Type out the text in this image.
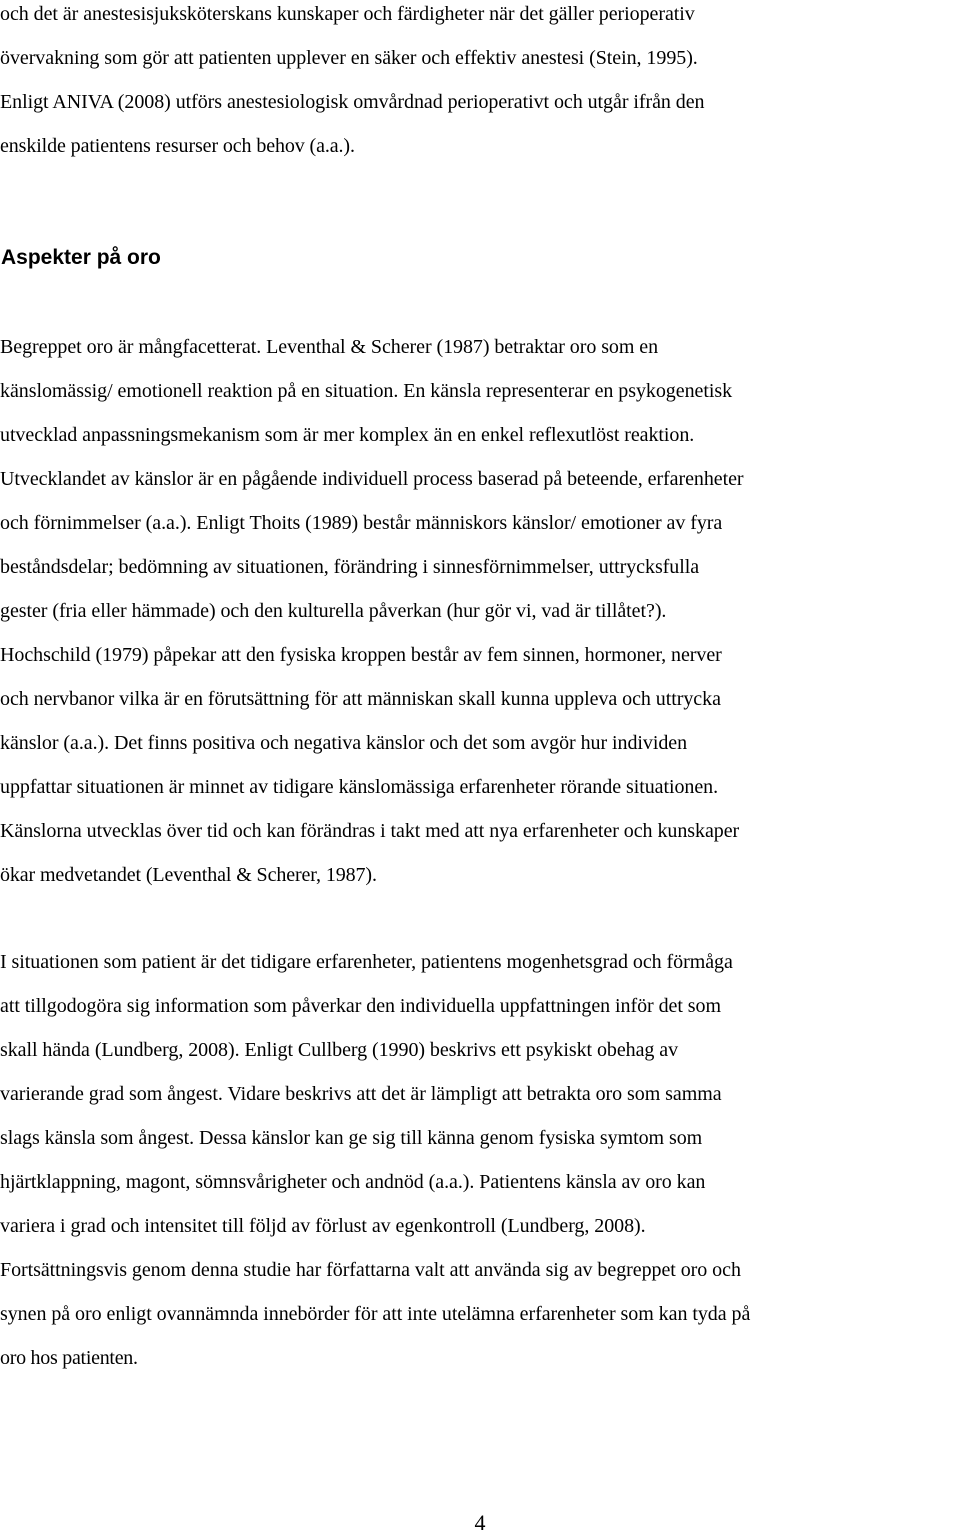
och det är anestesisjuksköterskans kunskaper och färdigheter när det gäller perioperativ
övervakning som gör att patienten upplever en säker och effektiv anestesi (Stein, 1995).
Enligt ANIVA (2008) utförs anestesiologisk omvårdnad perioperativt och utgår ifrån den
enskilde patientens resurser och behov (a.a.).
Aspekter på oro
Begreppet oro är mångfacetterat. Leventhal & Scherer (1987) betraktar oro som en
känslomässig/ emotionell reaktion på en situation. En känsla representerar en psykogenetisk
utvecklad anpassningsmekanism som är mer komplex än en enkel reflexutlöst reaktion.
Utvecklandet av känslor är en pågående individuell process baserad på beteende, erfarenheter
och förnimmelser (a.a.). Enligt Thoits (1989) består människors känslor/ emotioner av fyra
beståndsdelar; bedömning av situationen, förändring i sinnesförnimmelser, uttrycksfulla
gester (fria eller hämmade) och den kulturella påverkan (hur gör vi, vad är tillåtet?).
Hochschild (1979) påpekar att den fysiska kroppen består av fem sinnen, hormoner, nerver
och nervbanor vilka är en förutsättning för att människan skall kunna uppleva och uttrycka
känslor (a.a.). Det finns positiva och negativa känslor och det som avgör hur individen
uppfattar situationen är minnet av tidigare känslomässiga erfarenheter rörande situationen.
Känslorna utvecklas över tid och kan förändras i takt med att nya erfarenheter och kunskaper
ökar medvetandet (Leventhal & Scherer, 1987).
I situationen som patient är det tidigare erfarenheter, patientens mogenhetsgrad och förmåga
att tillgodogöra sig information som påverkar den individuella uppfattningen inför det som
skall hända (Lundberg, 2008). Enligt Cullberg (1990) beskrivs ett psykiskt obehag av
varierande grad som ångest. Vidare beskrivs att det är lämpligt att betrakta oro som samma
slags känsla som ångest. Dessa känslor kan ge sig till känna genom fysiska symtom som
hjärtklappning, magont, sömnsvårigheter och andnöd (a.a.). Patientens känsla av oro kan
variera i grad och intensitet till följd av förlust av egenkontroll (Lundberg, 2008).
Fortsättningsvis genom denna studie har författarna valt att använda sig av begreppet oro och
synen på oro enligt ovannämnda innebörder för att inte utelämna erfarenheter som kan tyda på
oro hos patienten.
4
